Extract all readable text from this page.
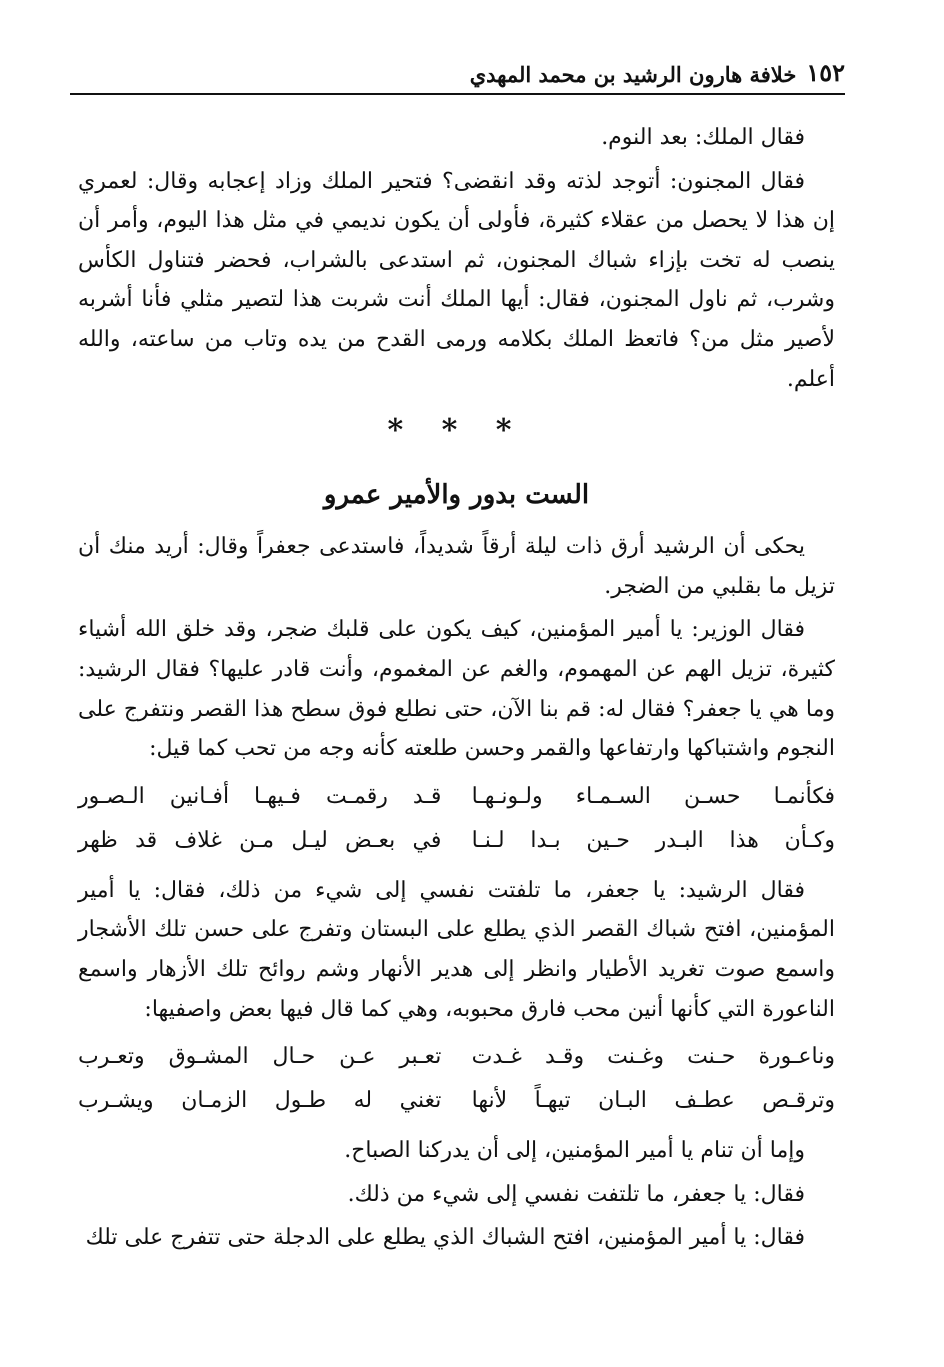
١٥٢
خلافة هارون الرشيد بن محمد المهدي

فقال الملك: بعد النوم.

فقال المجنون: أتوجد لذته وقد انقضى؟ فتحير الملك وزاد إعجابه وقال: لعمري إن هذا لا يحصل من عقلاء كثيرة، فأولى أن يكون نديمي في مثل هذا اليوم، وأمر أن ينصب له تخت بإزاء شباك المجنون، ثم استدعى بالشراب، فحضر فتناول الكأس وشرب، ثم ناول المجنون، فقال: أيها الملك أنت شربت هذا لتصير مثلي فأنا أشربه لأصير مثل من؟ فاتعظ الملك بكلامه ورمى القدح من يده وتاب من ساعته، والله أعلم.

* * *
الست بدور والأمير عمرو

يحكى أن الرشيد أرق ذات ليلة أرقاً شديداً، فاستدعى جعفراً وقال: أريد منك أن تزيل ما بقلبي من الضجر.

فقال الوزير: يا أمير المؤمنين، كيف يكون على قلبك ضجر، وقد خلق الله أشياء كثيرة، تزيل الهم عن المهموم، والغم عن المغموم، وأنت قادر عليها؟ فقال الرشيد: وما هي يا جعفر؟ فقال له: قم بنا الآن، حتى نطلع فوق سطح هذا القصر ونتفرج على النجوم واشتباكها وارتفاعها والقمر وحسن طلعته كأنه وجه من تحب كما قيل:

فكأنمـا حسـن السـمـاء ولـونـهـا
قـد رقمـت فـيهـا أفـانين الـصـور
وكـأن هذا البـدر حـين بـدا لـنـا
في بعـض ليـل مـن غلاف قد ظهر

فقال الرشيد: يا جعفر، ما تلفتت نفسي إلى شيء من ذلك، فقال: يا أمير المؤمنين، افتح شباك القصر الذي يطلع على البستان وتفرج على حسن تلك الأشجار واسمع صوت تغريد الأطيار وانظر إلى هدير الأنهار وشم روائح تلك الأزهار واسمع الناعورة التي كأنها أنين محب فارق محبوبه، وهي كما قال فيها بعض واصفيها:

وناعـورة حـنت وغـنت وقـد غـدت
تعـبر عـن حـال المشـوق وتعـرب
وترقـص عطـف البـان تيهـاً لأنها
تغني له طـول الزمـان ويشـرب

وإما أن تنام يا أمير المؤمنين، إلى أن يدركنا الصباح.

فقال: يا جعفر، ما تلتفت نفسي إلى شيء من ذلك.

فقال: يا أمير المؤمنين، افتح الشباك الذي يطلع على الدجلة حتى تتفرج على تلك
